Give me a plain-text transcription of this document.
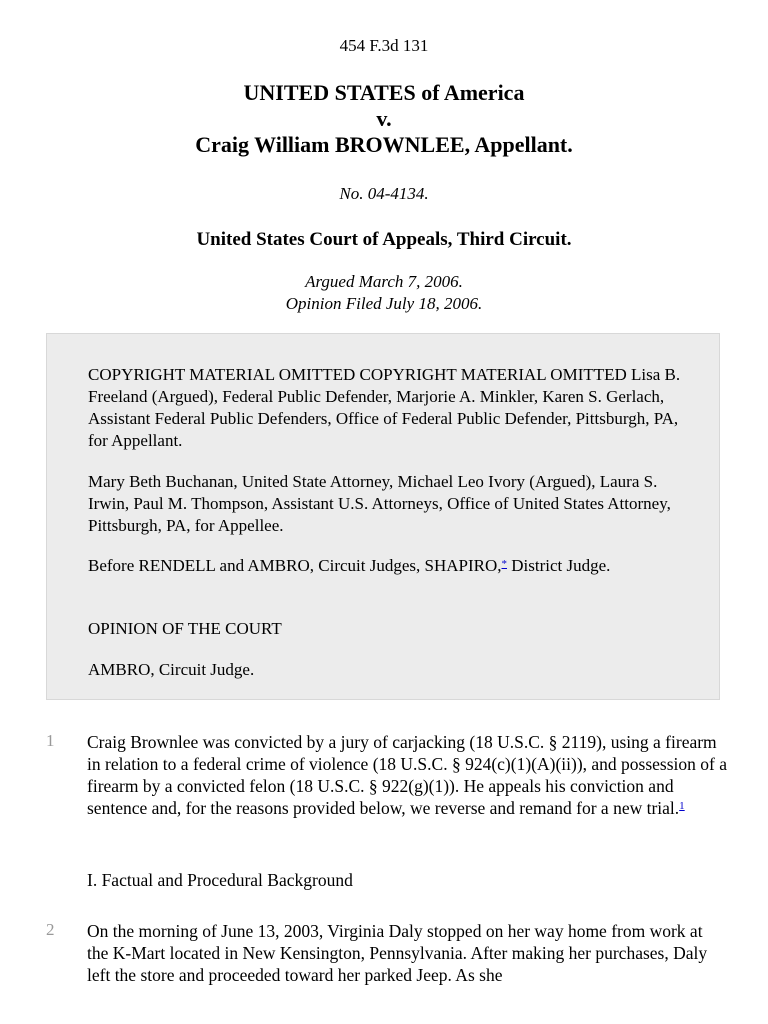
454 F.3d 131
UNITED STATES of America
v.
Craig William BROWNLEE, Appellant.
No. 04-4134.
United States Court of Appeals, Third Circuit.
Argued March 7, 2006.
Opinion Filed July 18, 2006.
COPYRIGHT MATERIAL OMITTED COPYRIGHT MATERIAL OMITTED Lisa B. Freeland (Argued), Federal Public Defender, Marjorie A. Minkler, Karen S. Gerlach, Assistant Federal Public Defenders, Office of Federal Public Defender, Pittsburgh, PA, for Appellant.
Mary Beth Buchanan, United State Attorney, Michael Leo Ivory (Argued), Laura S. Irwin, Paul M. Thompson, Assistant U.S. Attorneys, Office of United States Attorney, Pittsburgh, PA, for Appellee.
Before RENDELL and AMBRO, Circuit Judges, SHAPIRO,* District Judge.
OPINION OF THE COURT
AMBRO, Circuit Judge.
1 Craig Brownlee was convicted by a jury of carjacking (18 U.S.C. § 2119), using a firearm in relation to a federal crime of violence (18 U.S.C. § 924(c)(1)(A)(ii)), and possession of a firearm by a convicted felon (18 U.S.C. § 922(g)(1)). He appeals his conviction and sentence and, for the reasons provided below, we reverse and remand for a new trial.$^1$
I. Factual and Procedural Background
2 On the morning of June 13, 2003, Virginia Daly stopped on her way home from work at the K-Mart located in New Kensington, Pennsylvania. After making her purchases, Daly left the store and proceeded toward her parked Jeep. As she
